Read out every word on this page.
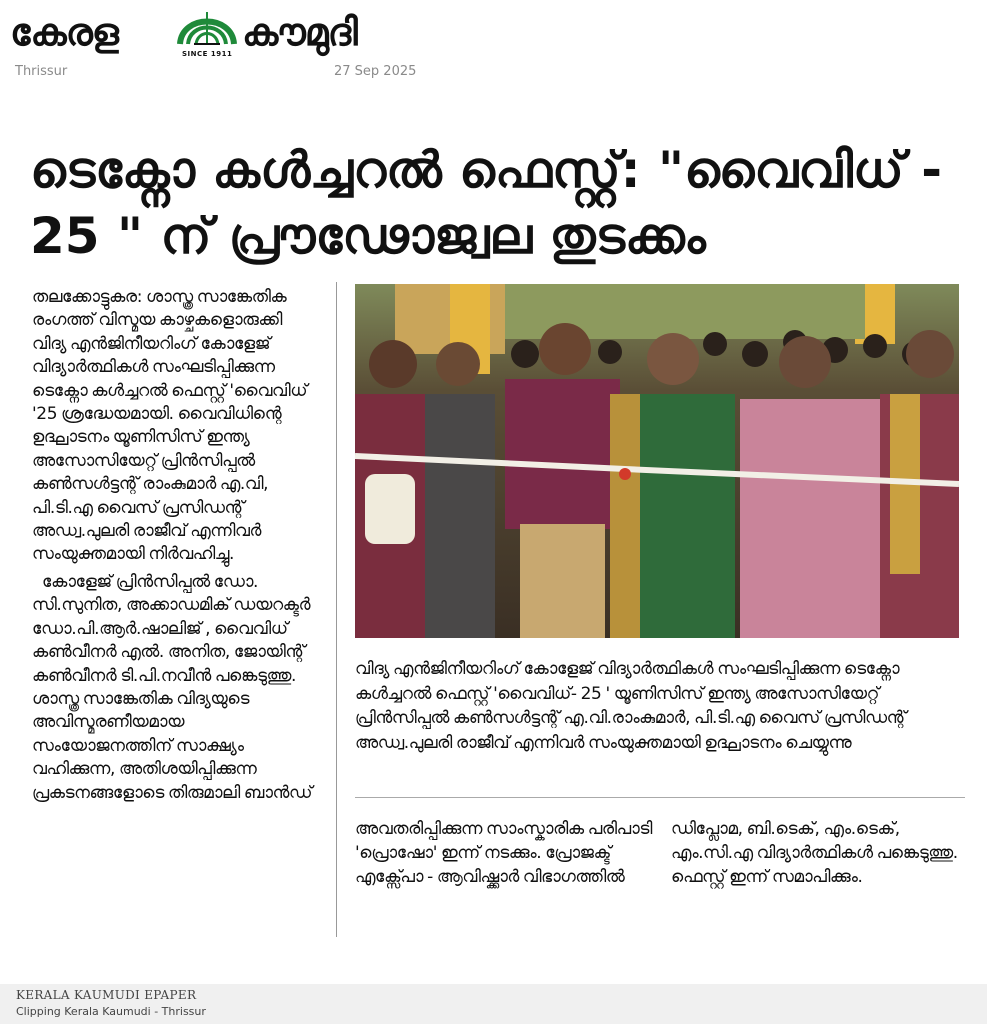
കേരള	SINCE 1911 കൗമുദി
Thrissur	27 Sep 2025
ടെക്നോ കൾച്ചറൽ ഫെസ്റ്റ്: "വൈവിധ് - 25 " ന് പ്രൗഢോജ്വല തുടക്കം

തലക്കോട്ടുകര: ശാസ്ത്ര സാങ്കേതിക രംഗത്ത് വിസ്മയ കാഴ്ചകളൊരുക്കി വിദ്യ എൻജിനീയറിംഗ് കോളേജ് വിദ്യാർത്ഥികൾ സംഘടിപ്പിക്കുന്ന ടെക്നോ കൾച്ചറൽ ഫെസ്റ്റ് 'വൈവിധ് '25 ശ്രദ്ധേയമായി. വൈവിധിന്റെ ഉദ്ഘാടനം യൂണിസിസ് ഇന്ത്യ അസോസിയേറ്റ് പ്രിൻസിപ്പൽ കൺസൾട്ടന്റ് രാംകുമാർ എ.വി, പി.ടി.എ വൈസ് പ്രസിഡന്റ് അഡ്വ.പുലരി രാജീവ് എന്നിവർ സംയുക്തമായി നിർവഹിച്ചു.

കോളേജ് പ്രിൻസിപ്പൽ ഡോ. സി.സുനിത, അക്കാഡമിക് ഡയറക്ടർ ഡോ.പി.ആർ.ഷാലിജ് , വൈവിധ് കൺവീനർ എൽ. അനിത, ജോയിന്റ് കൺവീനർ ടി.പി.നവീൻ പങ്കെടുത്തു. ശാസ്ത്ര സാങ്കേതിക വിദ്യയുടെ അവിസ്മരണീയമായ സംയോജനത്തിന് സാക്ഷ്യം വഹിക്കുന്ന, അതിശയിപ്പിക്കുന്ന പ്രകടനങ്ങളോടെ തിരുമാലി ബാൻഡ്

വിദ്യ എൻജിനീയറിംഗ് കോളേജ് വിദ്യാർത്ഥികൾ സംഘടിപ്പിക്കുന്ന ടെക്നോ കൾച്ചറൽ ഫെസ്റ്റ് 'വൈവിധ്- 25 ' യൂണിസിസ് ഇന്ത്യ അസോസിയേറ്റ് പ്രിൻസിപ്പൽ കൺസൾട്ടന്റ് എ.വി.രാംകുമാർ, പി.ടി.എ വൈസ് പ്രസിഡന്റ് അഡ്വ.പുലരി രാജീവ് എന്നിവർ സംയുക്തമായി ഉദ്ഘാടനം ചെയ്യുന്നു
അവതരിപ്പിക്കുന്ന സാംസ്കാരിക പരിപാടി 'പ്രൊഷോ' ഇന്ന് നടക്കും. പ്രോജക്ട് എക്സ്പോ - ആവിഷ്ക്കാർ വിഭാഗത്തിൽ
ഡിപ്ലോമ, ബി.ടെക്, എം.ടെക്, എം.സി.എ വിദ്യാർത്ഥികൾ പങ്കെടുത്തു. ഫെസ്റ്റ് ഇന്ന് സമാപിക്കും.
KERALA KAUMUDI EPAPER
Clipping Kerala Kaumudi - Thrissur
